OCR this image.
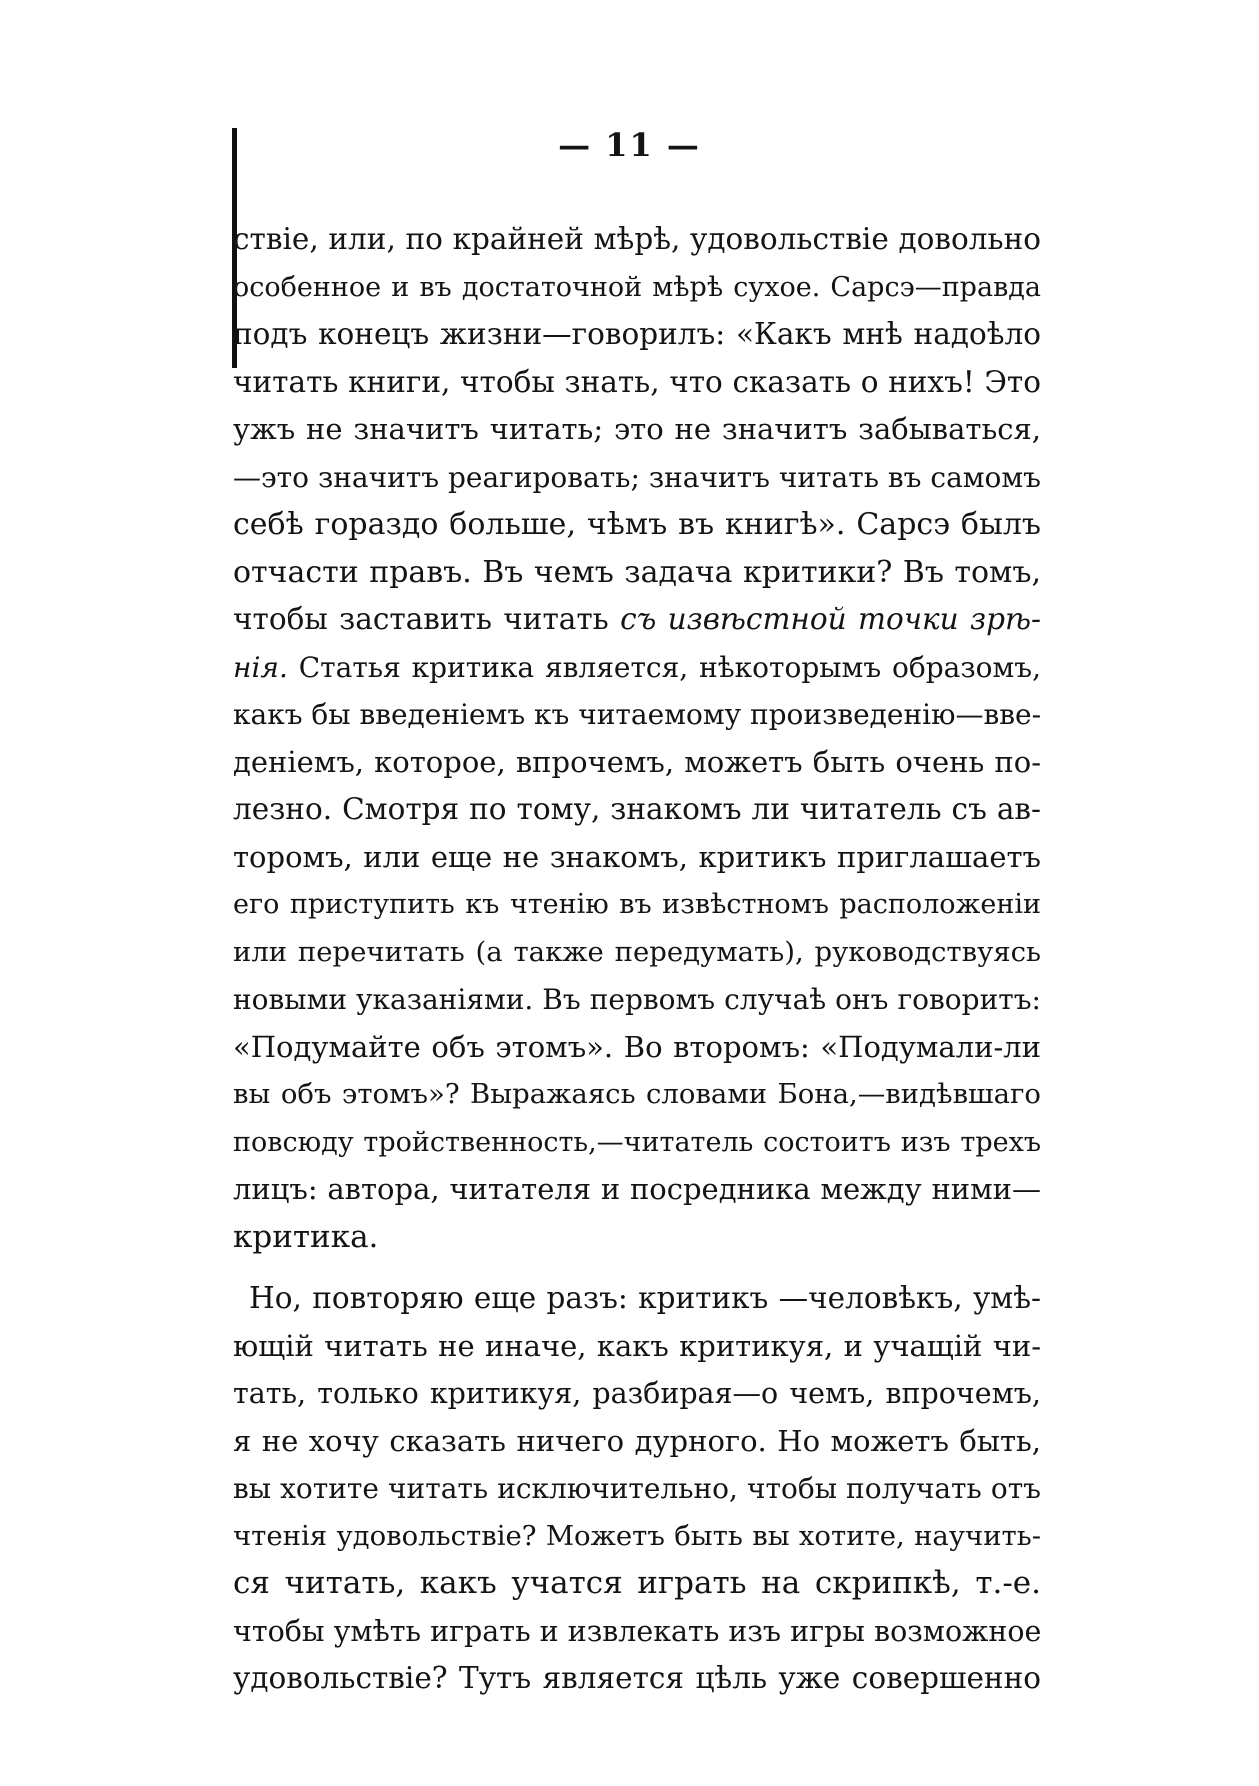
— 11 —
ствіе, или, по крайней мѣрѣ, удовольствіе довольно
особенное и въ достаточной мѣрѣ сухое. Сарсэ—правда
подъ конецъ жизни—говорилъ: «Какъ мнѣ надоѣло
читать книги, чтобы знать, что сказать о нихъ! Это
ужъ не значитъ читать; это не значитъ забываться,
—это значитъ реагировать; значитъ читать въ самомъ
себѣ гораздо больше, чѣмъ въ книгѣ». Сарсэ былъ
отчасти правъ. Въ чемъ задача критики? Въ томъ,
чтобы заставить читать съ извѣстной точки зрѣ-
нія. Статья критика является, нѣкоторымъ образомъ,
какъ бы введеніемъ къ читаемому произведенію—вве-
деніемъ, которое, впрочемъ, можетъ быть очень по-
лезно. Смотря по тому, знакомъ ли читатель съ ав-
торомъ, или еще не знакомъ, критикъ приглашаетъ
его приступить къ чтенію въ извѣстномъ расположеніи
или перечитать (а также передумать), руководствуясь
новыми указаніями. Въ первомъ случаѣ онъ говоритъ:
«Подумайте объ этомъ». Во второмъ: «Подумали-ли
вы объ этомъ»? Выражаясь словами Бона,—видѣвшаго
повсюду тройственность,—читатель состоитъ изъ трехъ
лицъ: автора, читателя и посредника между ними—
критика.
Но, повторяю еще разъ: критикъ —человѣкъ, умѣ-
ющій читать не иначе, какъ критикуя, и учащій чи-
тать, только критикуя, разбирая—о чемъ, впрочемъ,
я не хочу сказать ничего дурного. Но можетъ быть,
вы хотите читать исключительно, чтобы получать отъ
чтенія удовольствіе? Можетъ быть вы хотите, научить-
ся читать, какъ учатся играть на скрипкѣ, т.-е.
чтобы умѣть играть и извлекать изъ игры возможное
удовольствіе? Тутъ является цѣль уже совершенно
